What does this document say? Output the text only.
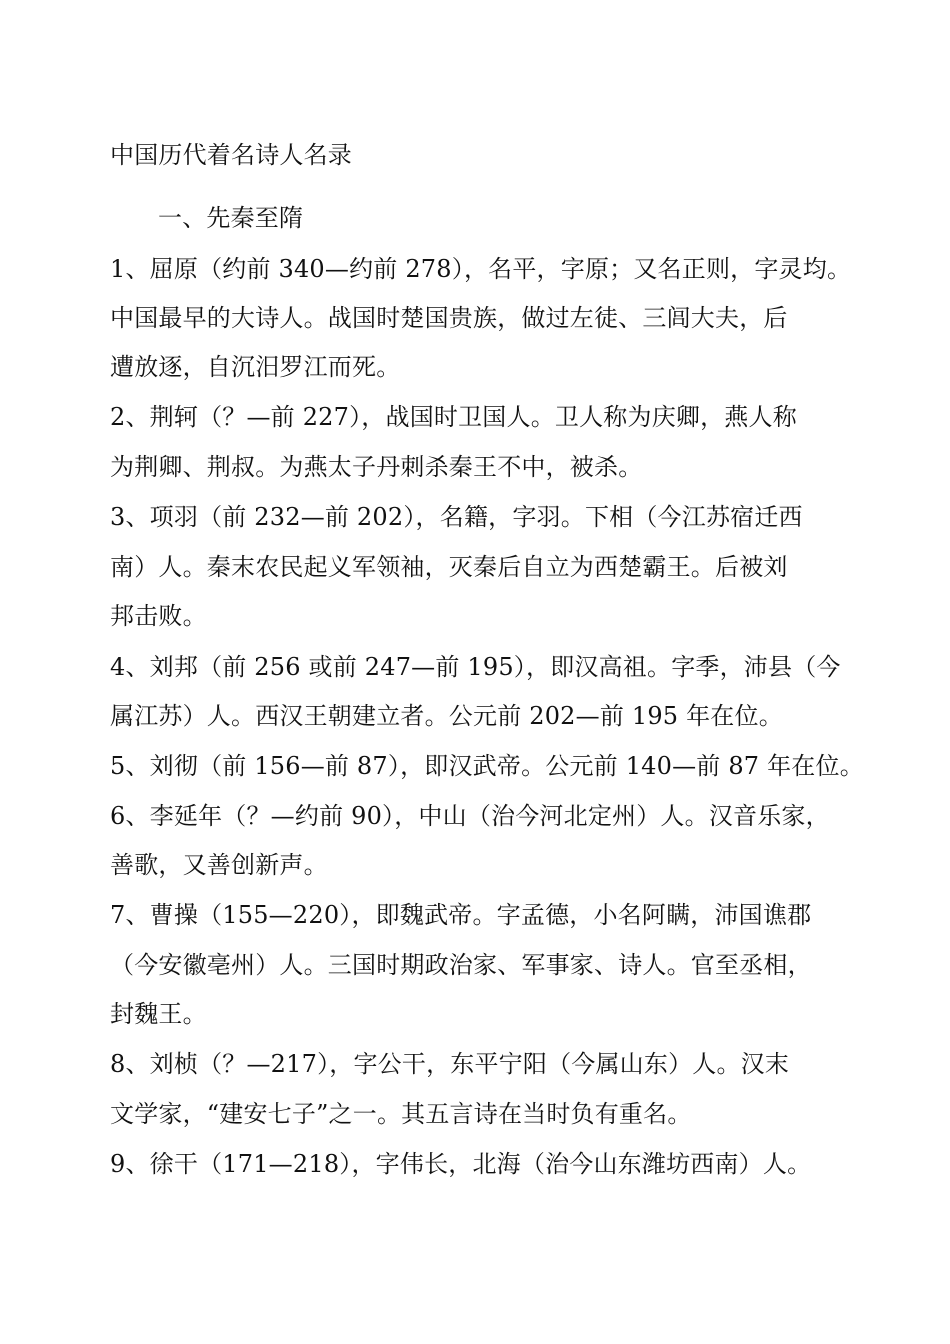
中国历代着名诗人名录
一、先秦至隋
1、屈原（约前 340—约前 278），名平，字原；又名正则，字灵均。
中国最早的大诗人。战国时楚国贵族，做过左徒、三闾大夫，后
遭放逐，自沉汨罗江而死。
2、荆轲（？—前 227），战国时卫国人。卫人称为庆卿，燕人称
为荆卿、荆叔。为燕太子丹刺杀秦王不中，被杀。
3、项羽（前 232—前 202），名籍，字羽。下相（今江苏宿迁西
南）人。秦末农民起义军领袖，灭秦后自立为西楚霸王。后被刘
邦击败。
4、刘邦（前 256 或前 247—前 195），即汉高祖。字季，沛县（今
属江苏）人。西汉王朝建立者。公元前 202—前 195 年在位。
5、刘彻（前 156—前 87），即汉武帝。公元前 140—前 87 年在位。
6、李延年（？—约前 90），中山（治今河北定州）人。汉音乐家，
善歌，又善创新声。
7、曹操（155—220），即魏武帝。字孟德，小名阿瞒，沛国谯郡
（今安徽亳州）人。三国时期政治家、军事家、诗人。官至丞相，
封魏王。
8、刘桢（？—217），字公干，东平宁阳（今属山东）人。汉末
文学家，“建安七子”之一。其五言诗在当时负有重名。
9、徐干（171—218），字伟长，北海（治今山东潍坊西南）人。
